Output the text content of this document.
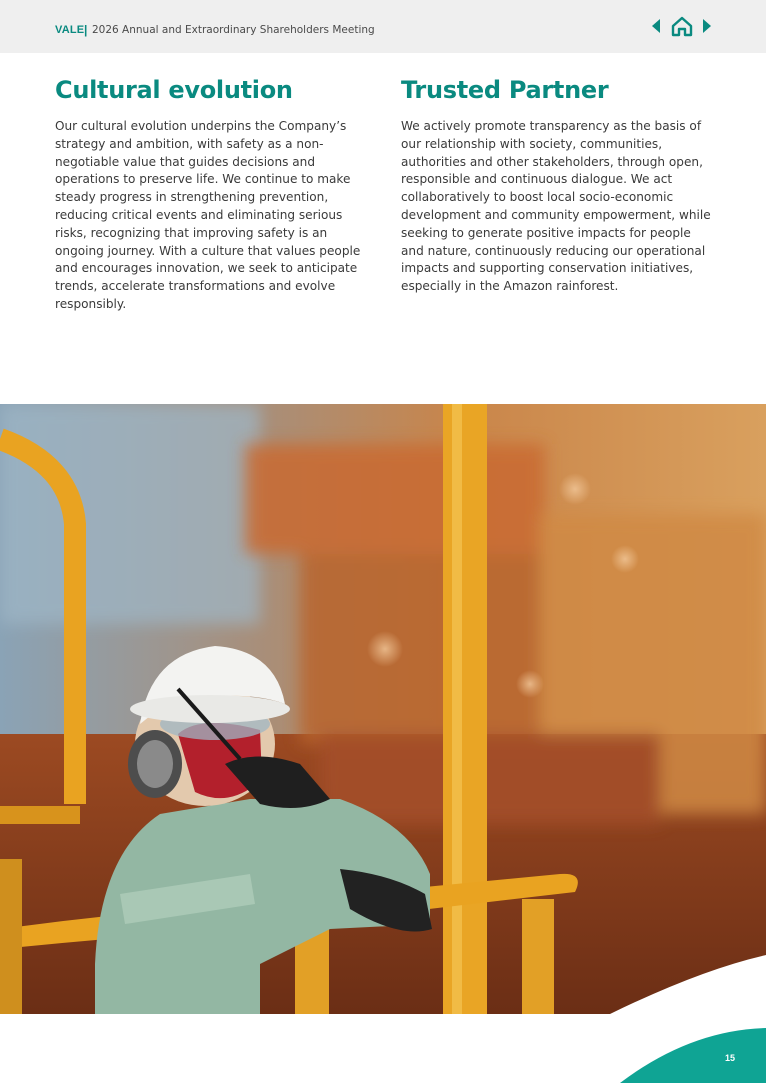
VALE | 2026 Annual and Extraordinary Shareholders Meeting
Cultural evolution

Our cultural evolution underpins the Company’s strategy and ambition, with safety as a non-negotiable value that guides decisions and operations to preserve life. We continue to make steady progress in strengthening prevention, reducing critical events and eliminating serious risks, recognizing that improving safety is an ongoing journey. With a culture that values people and encourages innovation, we seek to anticipate trends, accelerate transformations and evolve responsibly.

Trusted Partner

We actively promote transparency as the basis of our relationship with society, communities, authorities and other stakeholders, through open, responsible and continuous dialogue. We act collaboratively to boost local socio-economic development and community empowerment, while seeking to generate positive impacts for people and nature, continuously reducing our operational impacts and supporting conservation initiatives, especially in the Amazon rainforest.

15
